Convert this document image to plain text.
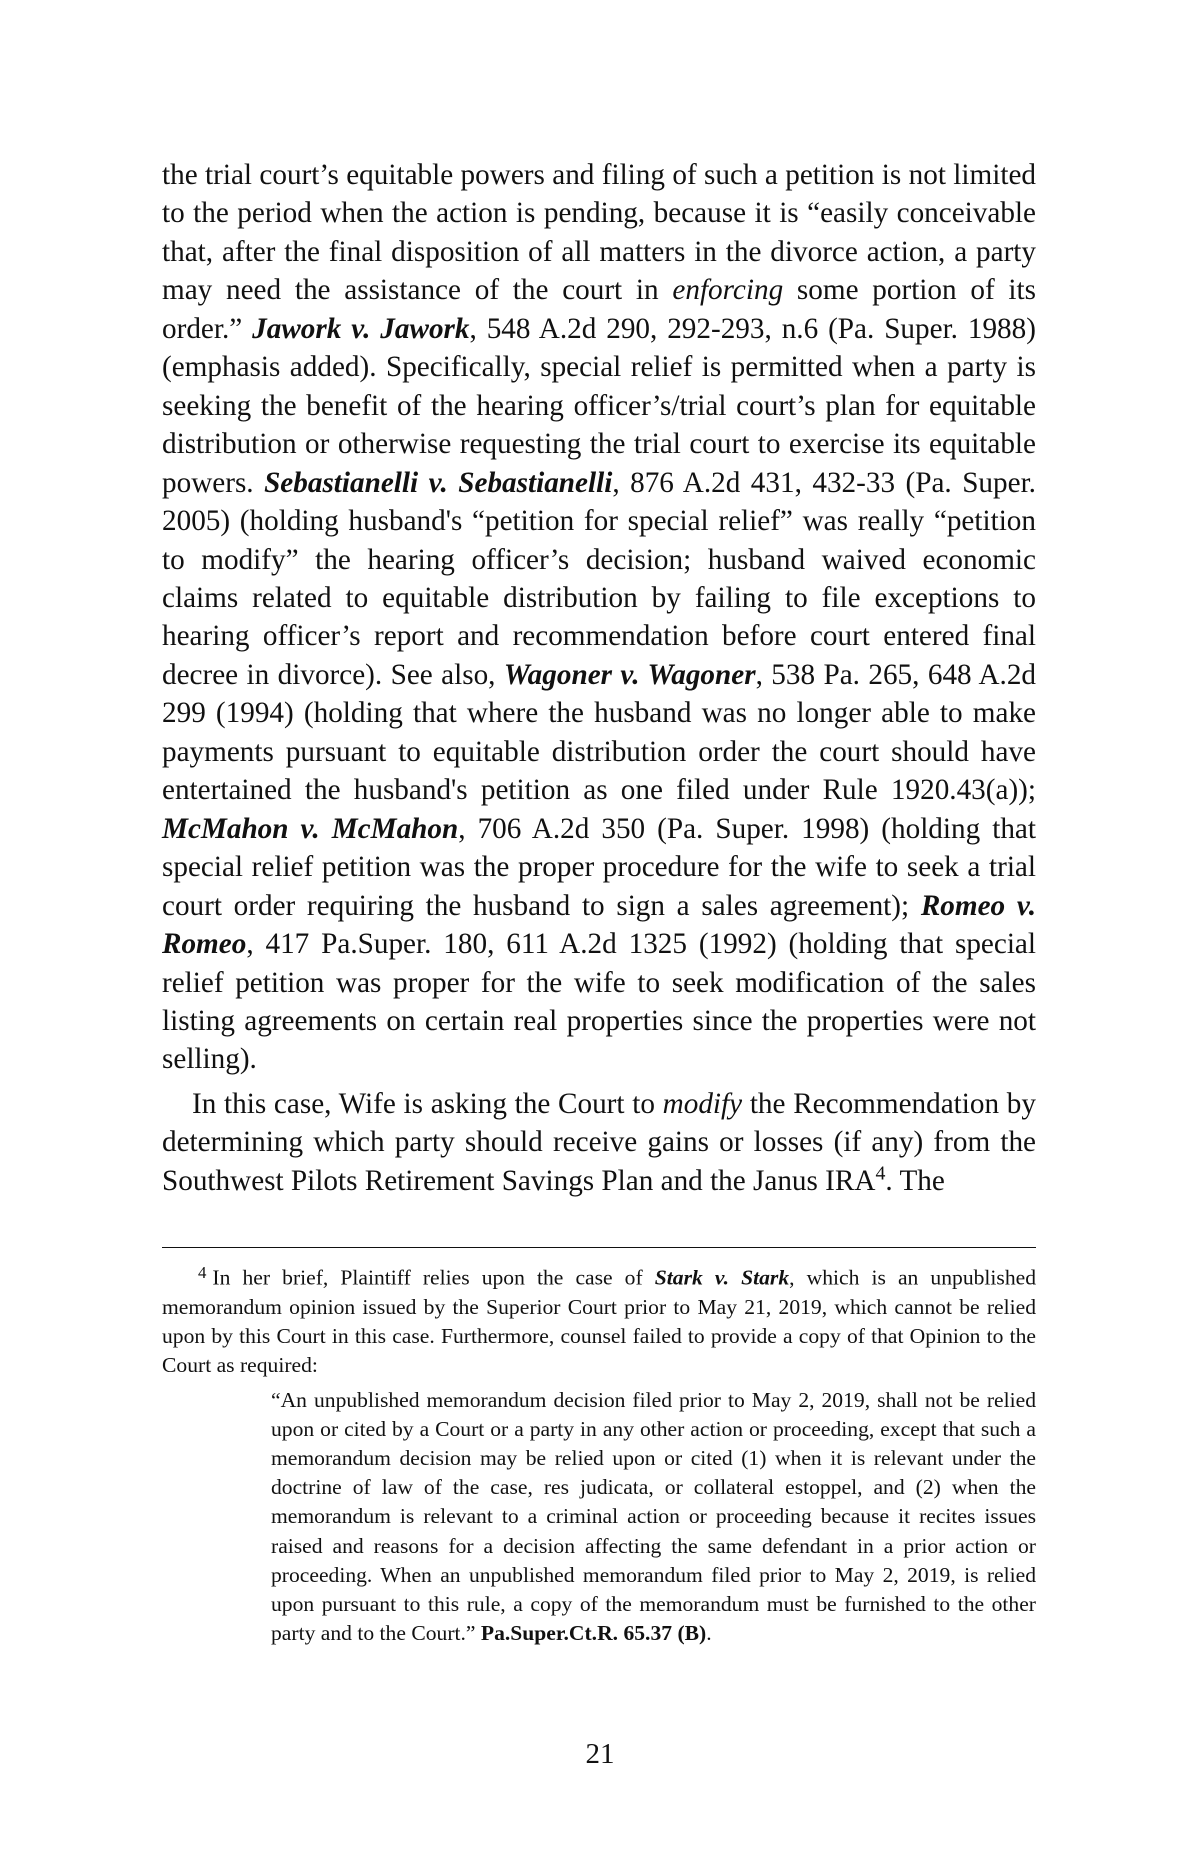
the trial court’s equitable powers and filing of such a petition is not limited to the period when the action is pending, because it is “easily conceivable that, after the final disposition of all matters in the divorce action, a party may need the assistance of the court in enforcing some portion of its order.” Jawork v. Jawork, 548 A.2d 290, 292-293, n.6 (Pa. Super. 1988) (emphasis added). Specifically, special relief is permitted when a party is seeking the benefit of the hearing officer’s/trial court’s plan for equitable distribution or otherwise requesting the trial court to exercise its equitable powers. Sebastianelli v. Sebastianelli, 876 A.2d 431, 432-33 (Pa. Super. 2005) (holding husband's “petition for special relief” was really “petition to modify” the hearing officer’s decision; husband waived economic claims related to equitable distribution by failing to file exceptions to hearing officer’s report and recommendation before court entered final decree in divorce). See also, Wagoner v. Wagoner, 538 Pa. 265, 648 A.2d 299 (1994) (holding that where the husband was no longer able to make payments pursuant to equitable distribution order the court should have entertained the husband's petition as one filed under Rule 1920.43(a)); McMahon v. McMahon, 706 A.2d 350 (Pa. Super. 1998) (holding that special relief petition was the proper procedure for the wife to seek a trial court order requiring the husband to sign a sales agreement); Romeo v. Romeo, 417 Pa.Super. 180, 611 A.2d 1325 (1992) (holding that special relief petition was proper for the wife to seek modification of the sales listing agreements on certain real properties since the properties were not selling).

In this case, Wife is asking the Court to modify the Recommendation by determining which party should receive gains or losses (if any) from the Southwest Pilots Retirement Savings Plan and the Janus IRA$^4$. The

$^4$ In her brief, Plaintiff relies upon the case of Stark v. Stark, which is an unpublished memorandum opinion issued by the Superior Court prior to May 21, 2019, which cannot be relied upon by this Court in this case. Furthermore, counsel failed to provide a copy of that Opinion to the Court as required:

“An unpublished memorandum decision filed prior to May 2, 2019, shall not be relied upon or cited by a Court or a party in any other action or proceeding, except that such a memorandum decision may be relied upon or cited (1) when it is relevant under the doctrine of law of the case, res judicata, or collateral estoppel, and (2) when the memorandum is relevant to a criminal action or proceeding because it recites issues raised and reasons for a decision affecting the same defendant in a prior action or proceeding. When an unpublished memorandum filed prior to May 2, 2019, is relied upon pursuant to this rule, a copy of the memorandum must be furnished to the other party and to the Court.” Pa.Super.Ct.R. 65.37 (B).
21
